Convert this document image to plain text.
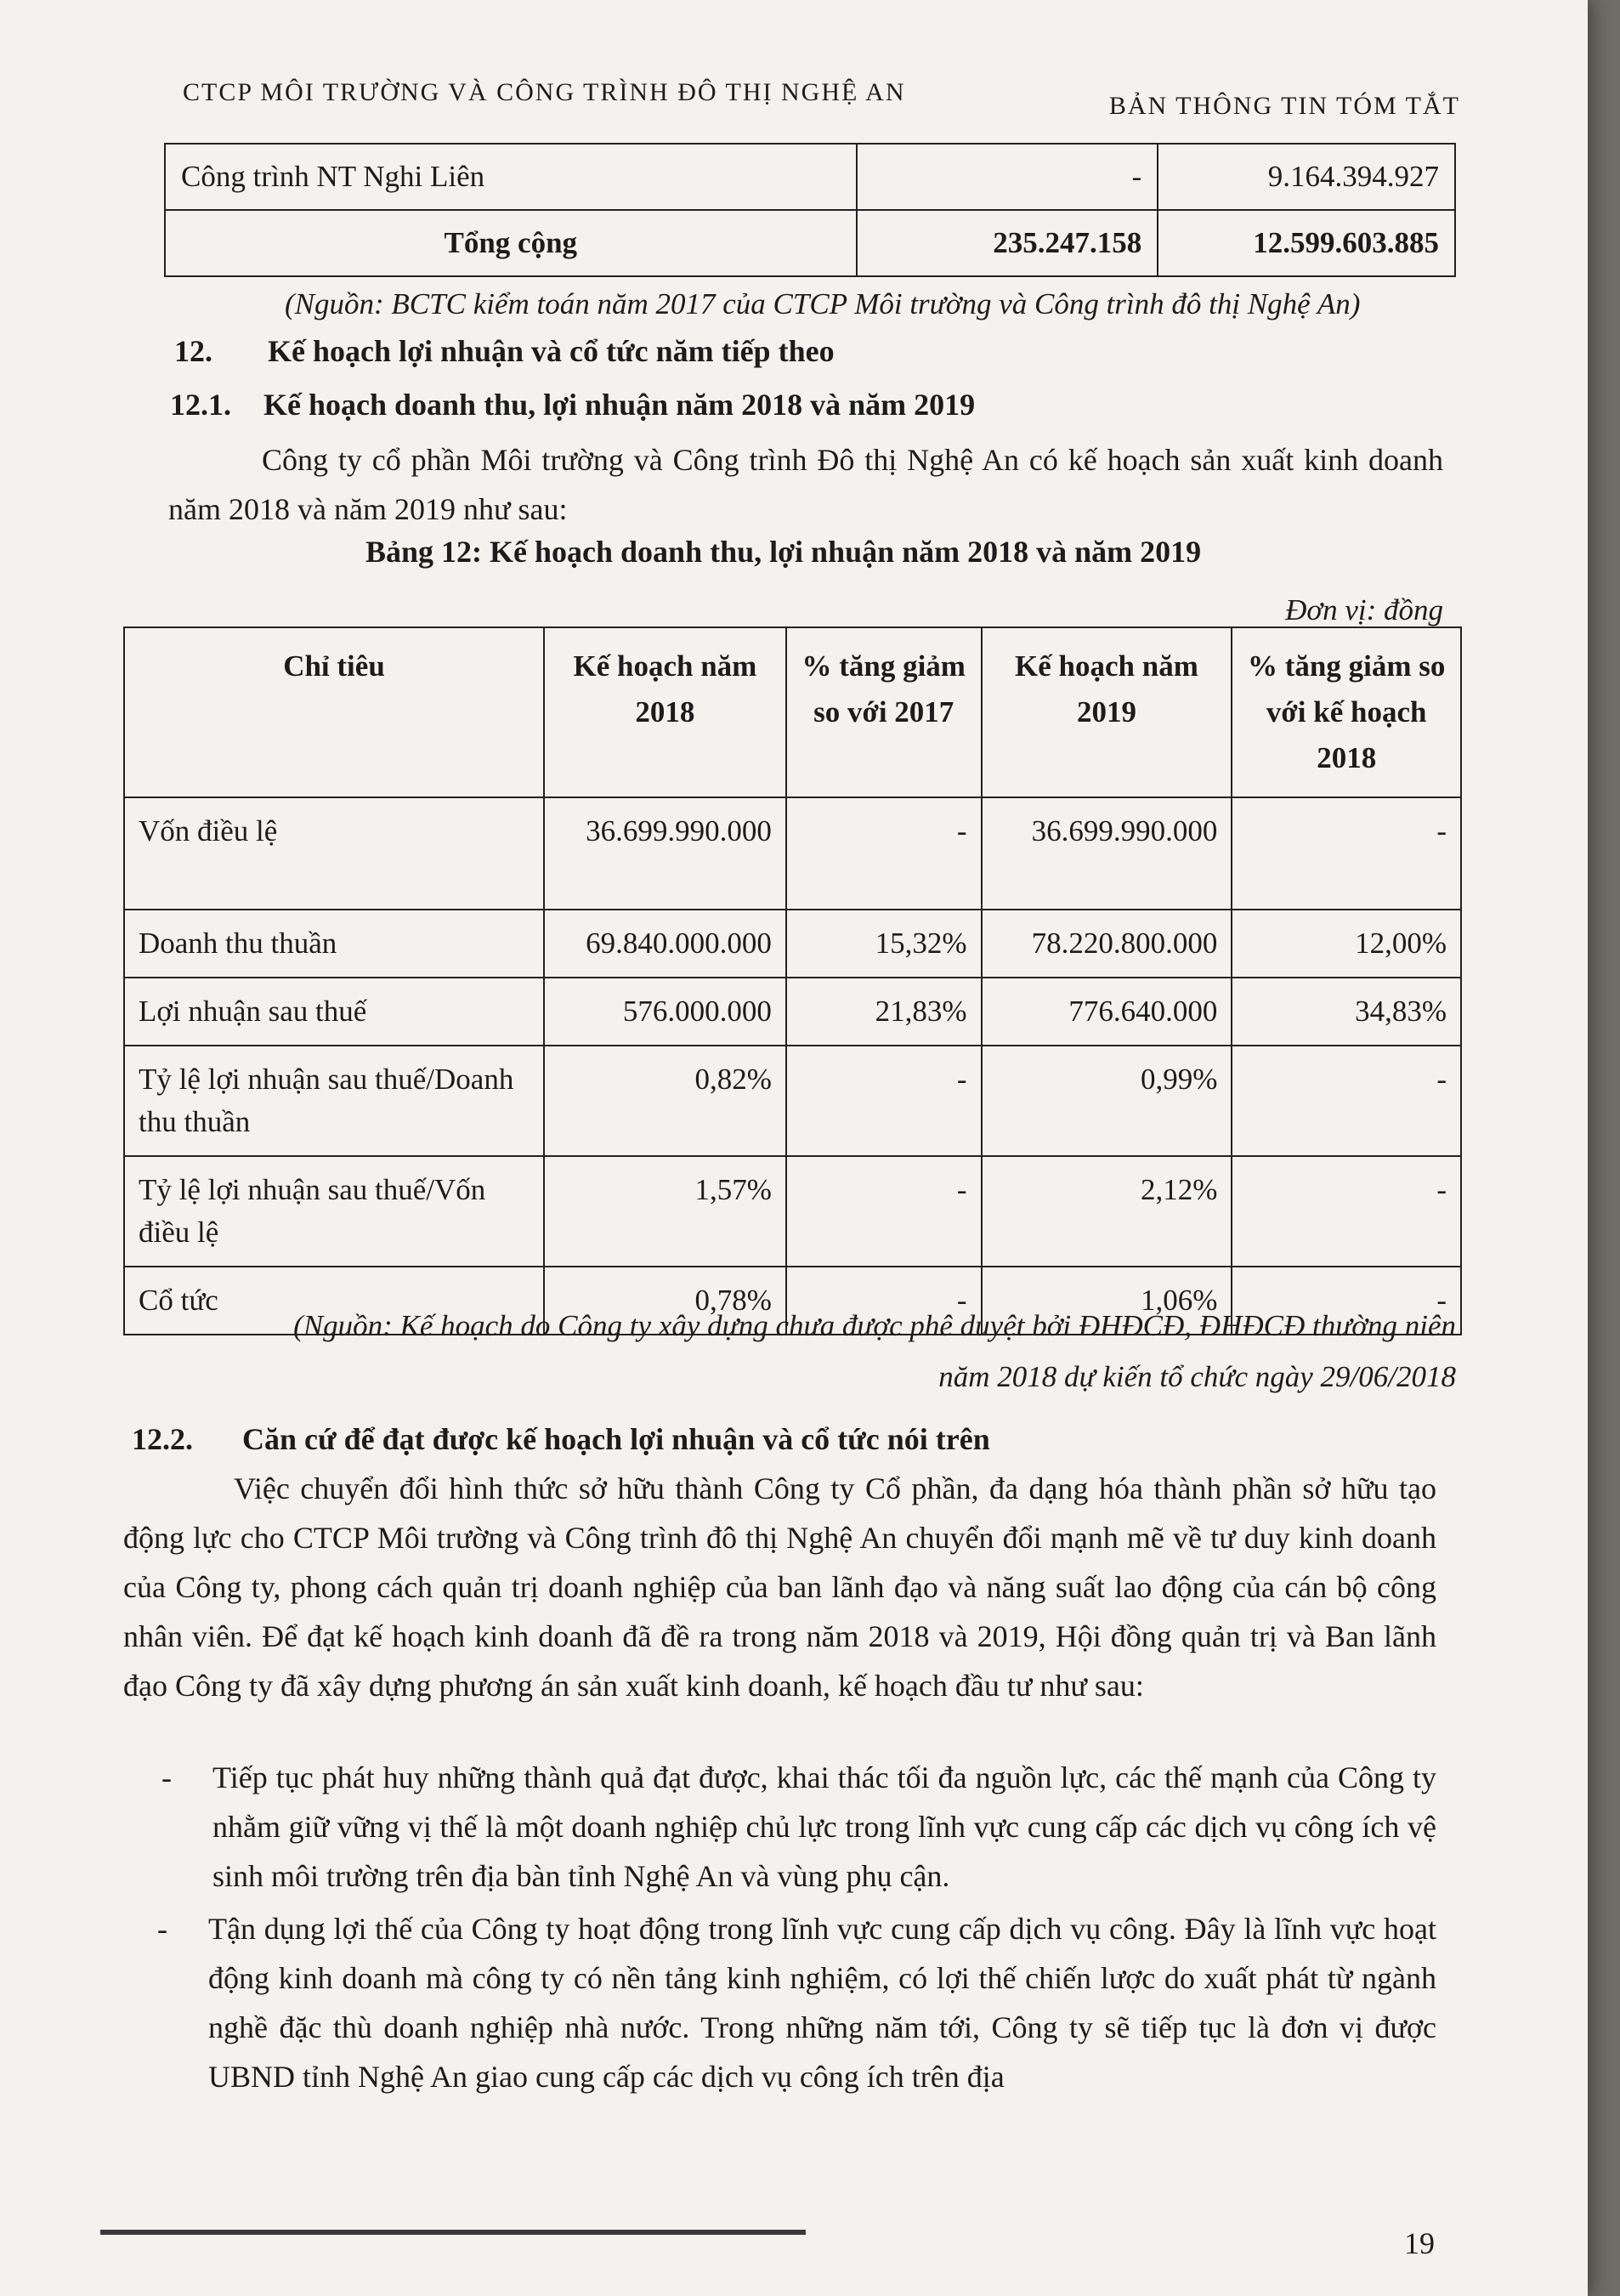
CTCP MÔI TRƯỜNG VÀ CÔNG TRÌNH ĐÔ THỊ NGHỆ AN	BẢN THÔNG TIN TÓM TẮT
Công trình NT Nghi Liên	-	9.164.394.927
Tổng cộng	235.247.158	12.599.603.885
(Nguồn: BCTC kiểm toán năm 2017 của CTCP Môi trường và Công trình đô thị Nghệ An)
12. Kế hoạch lợi nhuận và cổ tức năm tiếp theo
12.1. Kế hoạch doanh thu, lợi nhuận năm 2018 và năm 2019
Công ty cổ phần Môi trường và Công trình Đô thị Nghệ An có kế hoạch sản xuất kinh doanh năm 2018 và năm 2019 như sau:
Bảng 12: Kế hoạch doanh thu, lợi nhuận năm 2018 và năm 2019
Đơn vị: đồng
Chỉ tiêu	Kế hoạch năm 2018	% tăng giảm so với 2017	Kế hoạch năm 2019	% tăng giảm so với kế hoạch 2018
Vốn điều lệ	36.699.990.000	-	36.699.990.000	-
Doanh thu thuần	69.840.000.000	15,32%	78.220.800.000	12,00%
Lợi nhuận sau thuế	576.000.000	21,83%	776.640.000	34,83%
Tỷ lệ lợi nhuận sau thuế/Doanh thu thuần	0,82%	-	0,99%	-
Tỷ lệ lợi nhuận sau thuế/Vốn điều lệ	1,57%	-	2,12%	-
Cổ tức	0,78%	-	1,06%	-
(Nguồn: Kế hoạch do Công ty xây dựng chưa được phê duyệt bởi ĐHĐCĐ, ĐHĐCĐ thường niên
năm 2018 dự kiến tổ chức ngày 29/06/2018
12.2. Căn cứ để đạt được kế hoạch lợi nhuận và cổ tức nói trên
Việc chuyển đổi hình thức sở hữu thành Công ty Cổ phần, đa dạng hóa thành phần sở hữu tạo động lực cho CTCP Môi trường và Công trình đô thị Nghệ An chuyển đổi mạnh mẽ về tư duy kinh doanh của Công ty, phong cách quản trị doanh nghiệp của ban lãnh đạo và năng suất lao động của cán bộ công nhân viên. Để đạt kế hoạch kinh doanh đã đề ra trong năm 2018 và 2019, Hội đồng quản trị và Ban lãnh đạo Công ty đã xây dựng phương án sản xuất kinh doanh, kế hoạch đầu tư như sau:
- Tiếp tục phát huy những thành quả đạt được, khai thác tối đa nguồn lực, các thế mạnh của Công ty nhằm giữ vững vị thế là một doanh nghiệp chủ lực trong lĩnh vực cung cấp các dịch vụ công ích vệ sinh môi trường trên địa bàn tỉnh Nghệ An và vùng phụ cận.
- Tận dụng lợi thế của Công ty hoạt động trong lĩnh vực cung cấp dịch vụ công. Đây là lĩnh vực hoạt động kinh doanh mà công ty có nền tảng kinh nghiệm, có lợi thế chiến lược do xuất phát từ ngành nghề đặc thù doanh nghiệp nhà nước. Trong những năm tới, Công ty sẽ tiếp tục là đơn vị được UBND tỉnh Nghệ An giao cung cấp các dịch vụ công ích trên địa
19
